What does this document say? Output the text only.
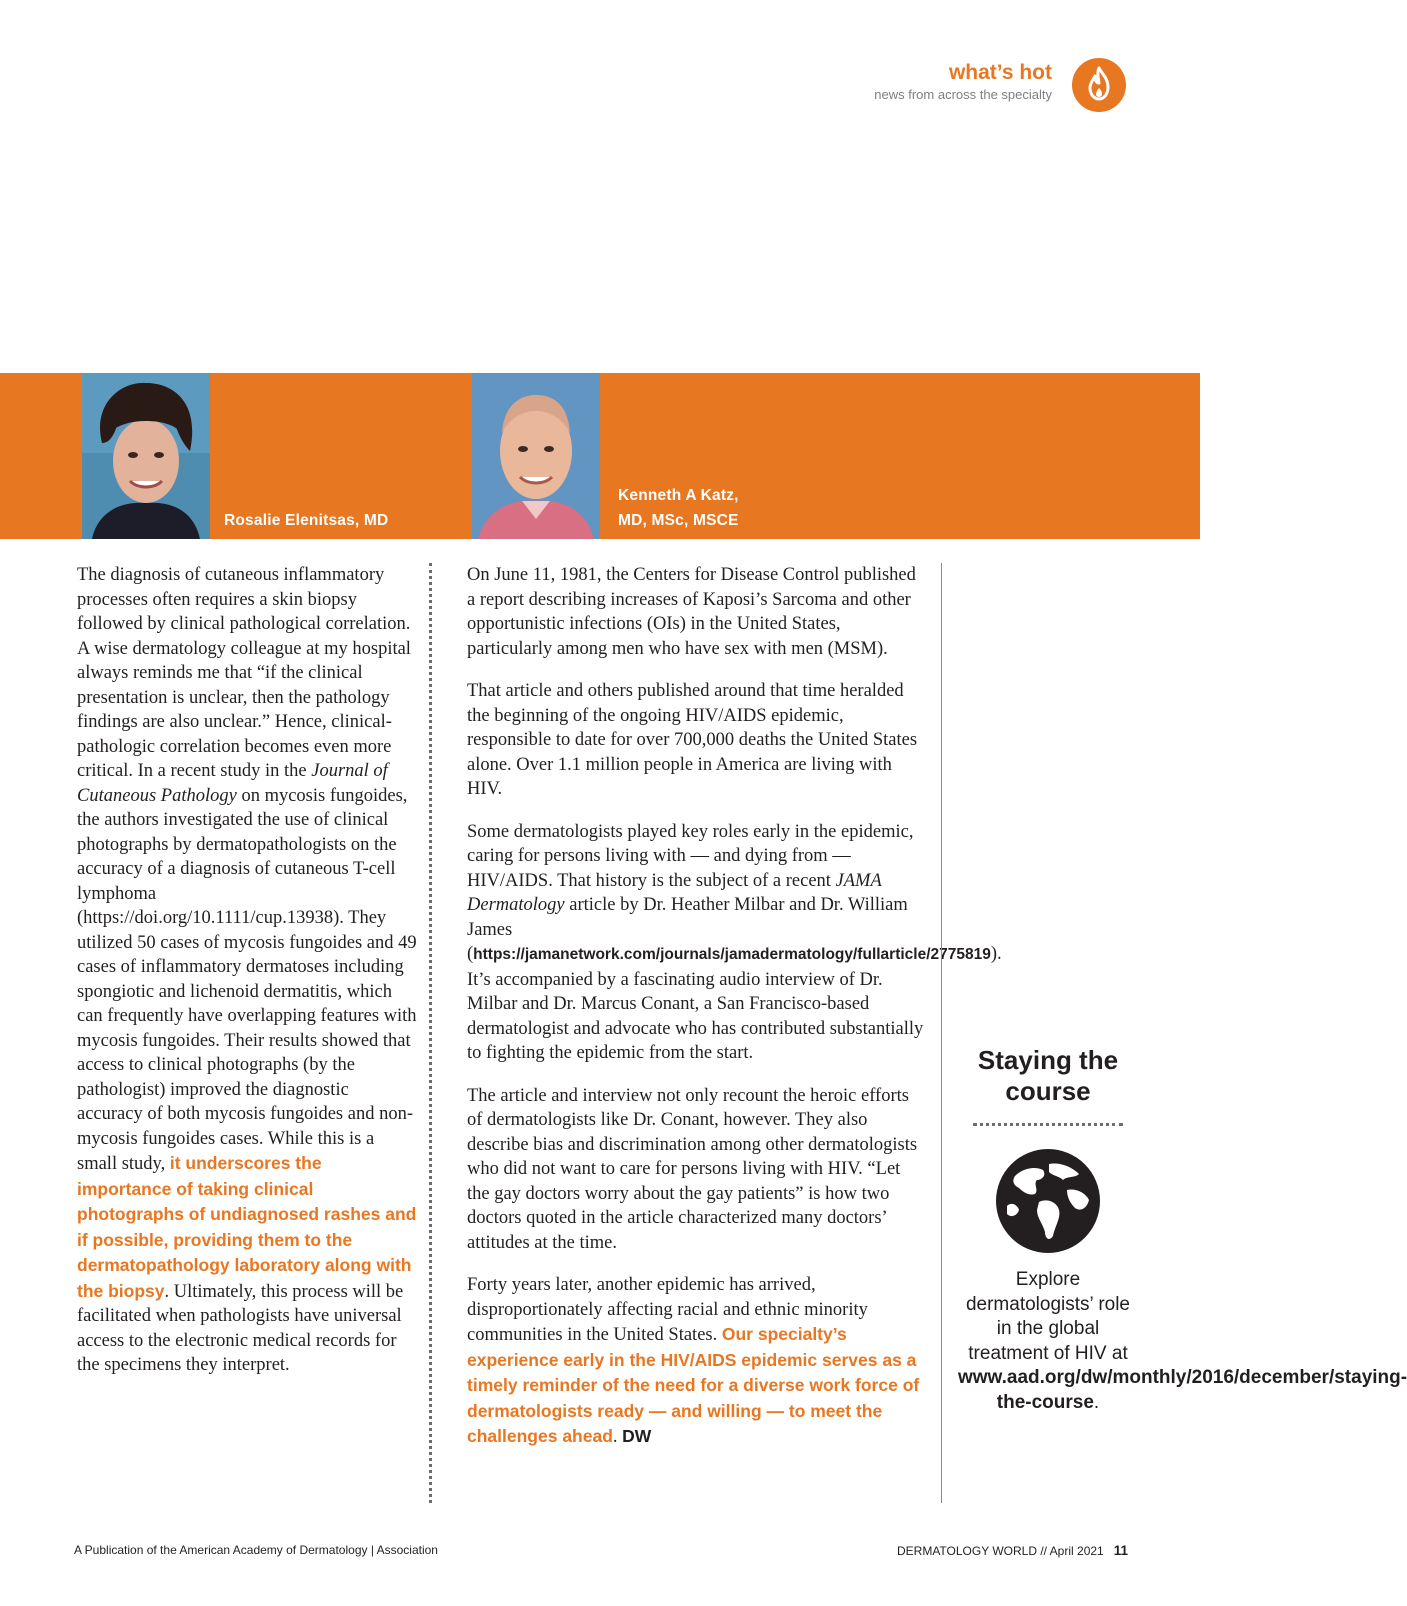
what’s hot
news from across the specialty
Rosalie Elenitsas, MD
Kenneth A Katz,
MD, MSc, MSCE

The diagnosis of cutaneous inflammatory processes often requires a skin biopsy followed by clinical pathological correlation. A wise dermatology colleague at my hospital always reminds me that “if the clinical presentation is unclear, then the pathology findings are also unclear.” Hence, clinical-pathologic correlation becomes even more critical. In a recent study in the Journal of Cutaneous Pathology on mycosis fungoides, the authors investigated the use of clinical photographs by dermatopathologists on the accuracy of a diagnosis of cutaneous T-cell lymphoma (https://doi.org/10.1111/cup.13938). They utilized 50 cases of mycosis fungoides and 49 cases of inflammatory dermatoses including spongiotic and lichenoid dermatitis, which can frequently have overlapping features with mycosis fungoides. Their results showed that access to clinical photographs (by the pathologist) improved the diagnostic accuracy of both mycosis fungoides and non-mycosis fungoides cases. While this is a small study, it underscores the importance of taking clinical photographs of undiagnosed rashes and if possible, providing them to the dermatopathology laboratory along with the biopsy. Ultimately, this process will be facilitated when pathologists have universal access to the electronic medical records for the specimens they interpret.

On June 11, 1981, the Centers for Disease Control published a report describing increases of Kaposi’s Sarcoma and other opportunistic infections (OIs) in the United States, particularly among men who have sex with men (MSM).

That article and others published around that time heralded the beginning of the ongoing HIV/AIDS epidemic, responsible to date for over 700,000 deaths the United States alone. Over 1.1 million people in America are living with HIV.

Some dermatologists played key roles early in the epidemic, caring for persons living with — and dying from — HIV/AIDS. That history is the subject of a recent JAMA Dermatology article by Dr. Heather Milbar and Dr. William James (https://jamanetwork.com/journals/jamadermatology/fullarticle/2775819). It’s accompanied by a fascinating audio interview of Dr. Milbar and Dr. Marcus Conant, a San Francisco-based dermatologist and advocate who has contributed substantially to fighting the epidemic from the start.

The article and interview not only recount the heroic efforts of dermatologists like Dr. Conant, however. They also describe bias and discrimination among other dermatologists who did not want to care for persons living with HIV. “Let the gay doctors worry about the gay patients” is how two doctors quoted in the article characterized many doctors’ attitudes at the time.

Forty years later, another epidemic has arrived, disproportionately affecting racial and ethnic minority communities in the United States. Our specialty’s experience early in the HIV/AIDS epidemic serves as a timely reminder of the need for a diverse work force of dermatologists ready — and willing — to meet the challenges ahead. DW

Staying the course
Explore dermatologists’ role in the global treatment of HIV at www.aad.org/dw/monthly/2016/december/staying-the-course.
A Publication of the American Academy of Dermatology | Association	DERMATOLOGY WORLD // April 2021 11
